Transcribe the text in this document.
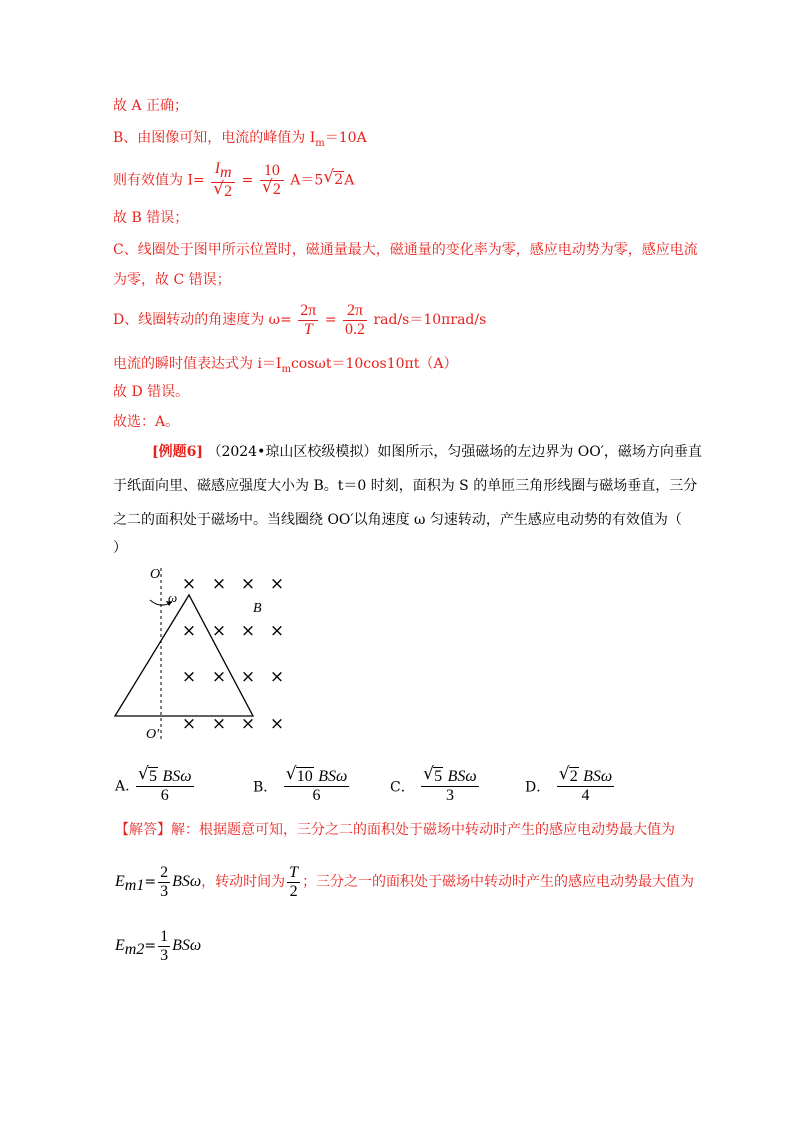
故 A 正确；
B、由图像可知，电流的峰值为 $I_m=10A$
则有效值为 $I= \frac{I_m}{√ 2} = \frac{10}{√ 2} A=5$ √ 2A
故 B 错误；
C、线圈处于图甲所示位置时，磁通量最大，磁通量的变化率为零，感应电动势为零，感应电流
为零，故 C 错误；
D、线圈转动的角速度为 $\omega= \frac{2\pi}{T} = \frac{2\pi}{0.2} rad/s=10\pi rad/s$
电流的瞬时值表达式为 $i=I_m\cos\omega t=10\cos 10\pi t(A)$
故 D 错误。
故选：A。
[例题6] （2024•琼山区校级模拟）如图所示，匀强磁场的左边界为 OO′，磁场方向垂直
于纸面向里、磁感应强度大小为 B。t＝0 时刻，面积为 S 的单匝三角形线圈与磁场垂直，三分
之二的面积处于磁场中。当线圈绕 OO′以角速度 ω 匀速转动，产生感应电动势的有效值为（
）
O
O′
ω
B
× × × ×
× × × ×
× × × ×
× × × ×
A. $\frac{\text{√ 5 BSω}}{6}$	B． $\frac{\text{√ 10 BSω}}{6}$	C． $\frac{\text{√ 5 BSω}}{3}$	D． $\frac{\text{√ 2 BSω}}{4}$
【解答】解：根据题意可知，三分之二的面积处于磁场中转动时产生的感应电动势最大值为
$E_{m1}= \frac{2}{3}$ BSω，转动时间为 $\frac{T}{2}$ ；三分之一的面积处于磁场中转动时产生的感应电动势最大值为
$E_{m2}= \frac{1}{3}$ BSω
